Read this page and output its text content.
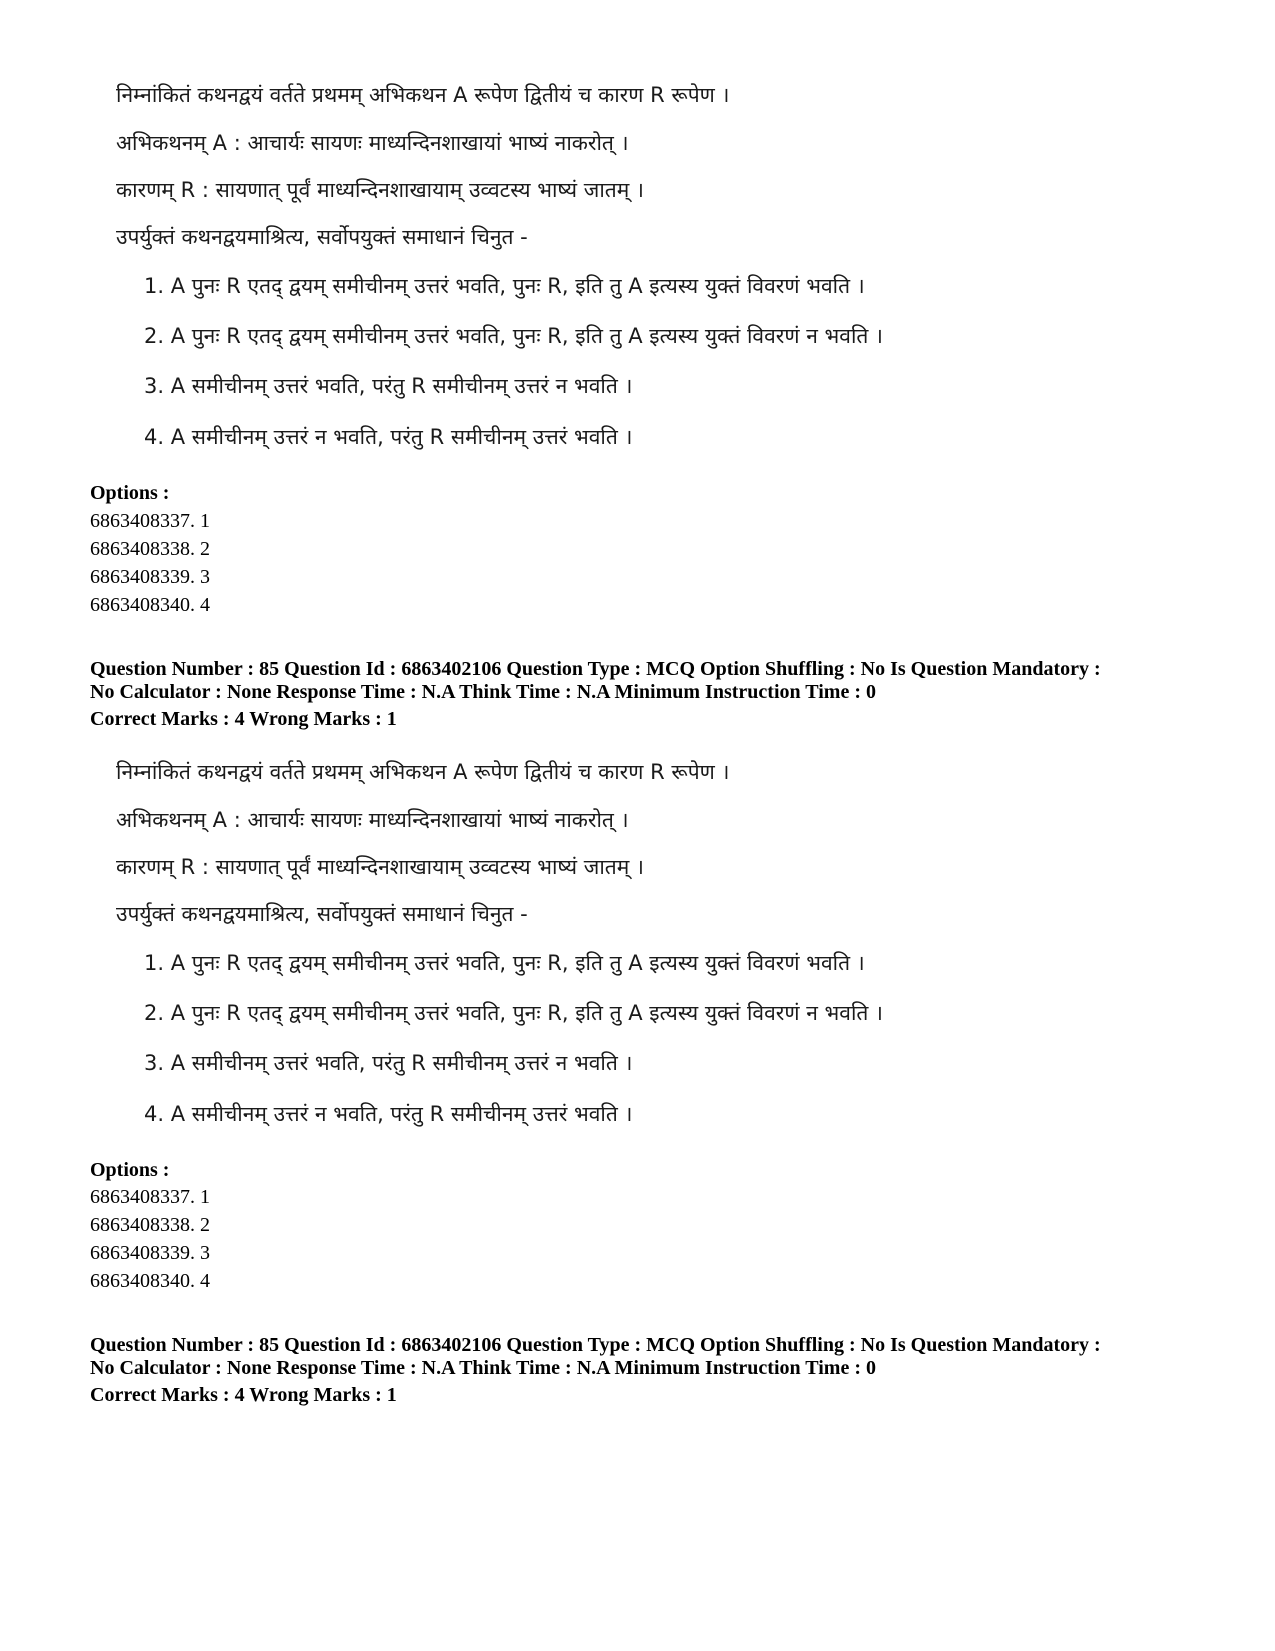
निम्नांकितं कथनद्वयं वर्तते प्रथमम् अभिकथन A रूपेण द्वितीयं च कारण R रूपेण ।
अभिकथनम् A : आचार्यः सायणः माध्यन्दिनशाखायां भाष्यं नाकरोत् ।
कारणम् R : सायणात् पूर्वं माध्यन्दिनशाखायाम् उव्वटस्य भाष्यं जातम् ।
उपर्युक्तं कथनद्वयमाश्रित्य, सर्वोपयुक्तं समाधानं चिनुत -
1. A पुनः R एतद् द्वयम् समीचीनम् उत्तरं भवति, पुनः R, इति तु A इत्यस्य युक्तं विवरणं भवति ।
2. A पुनः R एतद् द्वयम् समीचीनम् उत्तरं भवति, पुनः R, इति तु A इत्यस्य युक्तं विवरणं न भवति ।
3. A समीचीनम् उत्तरं भवति, परंतु R समीचीनम् उत्तरं न भवति ।
4. A समीचीनम् उत्तरं न भवति, परंतु R समीचीनम् उत्तरं भवति ।
Options :
6863408337. 1
6863408338. 2
6863408339. 3
6863408340. 4
Question Number : 85 Question Id : 6863402106 Question Type : MCQ Option Shuffling : No Is Question Mandatory :
No Calculator : None Response Time : N.A Think Time : N.A Minimum Instruction Time : 0
Correct Marks : 4 Wrong Marks : 1
निम्नांकितं कथनद्वयं वर्तते प्रथमम् अभिकथन A रूपेण द्वितीयं च कारण R रूपेण ।
अभिकथनम् A : आचार्यः सायणः माध्यन्दिनशाखायां भाष्यं नाकरोत् ।
कारणम् R : सायणात् पूर्वं माध्यन्दिनशाखायाम् उव्वटस्य भाष्यं जातम् ।
उपर्युक्तं कथनद्वयमाश्रित्य, सर्वोपयुक्तं समाधानं चिनुत -
1. A पुनः R एतद् द्वयम् समीचीनम् उत्तरं भवति, पुनः R, इति तु A इत्यस्य युक्तं विवरणं भवति ।
2. A पुनः R एतद् द्वयम् समीचीनम् उत्तरं भवति, पुनः R, इति तु A इत्यस्य युक्तं विवरणं न भवति ।
3. A समीचीनम् उत्तरं भवति, परंतु R समीचीनम् उत्तरं न भवति ।
4. A समीचीनम् उत्तरं न भवति, परंतु R समीचीनम् उत्तरं भवति ।
Options :
6863408337. 1
6863408338. 2
6863408339. 3
6863408340. 4
Question Number : 85 Question Id : 6863402106 Question Type : MCQ Option Shuffling : No Is Question Mandatory :
No Calculator : None Response Time : N.A Think Time : N.A Minimum Instruction Time : 0
Correct Marks : 4 Wrong Marks : 1
